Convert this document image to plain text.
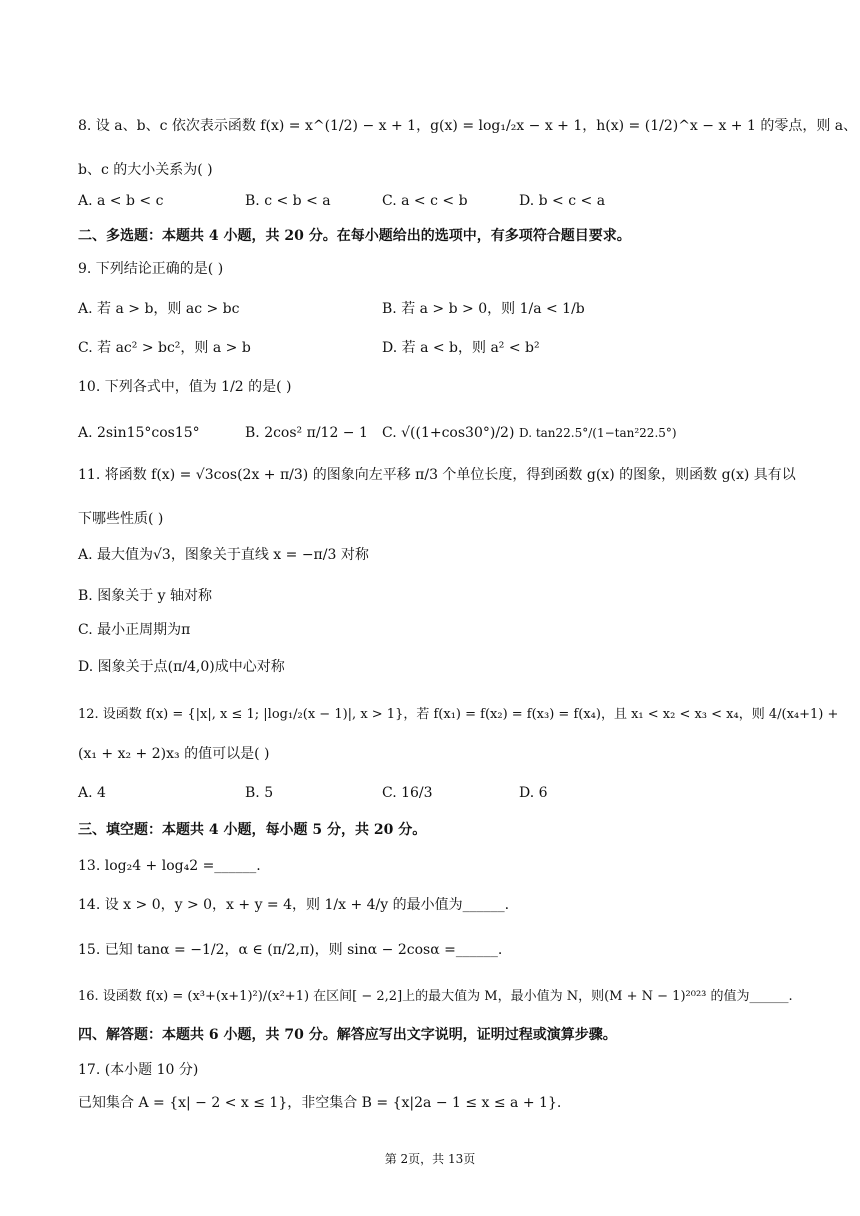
8. 设 a、b、c 依次表示函数 f(x) = x^(1/2) − x + 1，g(x) = log₁/₂x − x + 1，h(x) = (1/2)^x − x + 1 的零点，则 a、
b、c 的大小关系为( )
A. a < b < c	B. c < b < a	C. a < c < b	D. b < c < a
二、多选题：本题共 4 小题，共 20 分。在每小题给出的选项中，有多项符合题目要求。
9. 下列结论正确的是( )
A. 若 a > b，则 ac > bc	B. 若 a > b > 0，则 1/a < 1/b
C. 若 ac² > bc²，则 a > b	D. 若 a < b，则 a² < b²
10. 下列各式中，值为 1/2 的是( )
A. 2sin15°cos15°	B. 2cos² π/12 − 1 C. √((1+cos30°)/2) D. tan22.5°/(1−tan²22.5°)
11. 将函数 f(x) = √3cos(2x + π/3) 的图象向左平移 π/3 个单位长度，得到函数 g(x) 的图象，则函数 g(x) 具有以
下哪些性质( )
A. 最大值为√3，图象关于直线 x = −π/3 对称
B. 图象关于 y 轴对称
C. 最小正周期为π
D. 图象关于点(π/4,0)成中心对称
12. 设函数 f(x) = {|x|, x ≤ 1; |log₁/₂(x − 1)|, x > 1}，若 f(x₁) = f(x₂) = f(x₃) = f(x₄)，且 x₁ < x₂ < x₃ < x₄，则 4/(x₄+1) +
(x₁ + x₂ + 2)x₃ 的值可以是( )
A. 4	B. 5	C. 16/3	D. 6
三、填空题：本题共 4 小题，每小题 5 分，共 20 分。
13. log₂4 + log₄2 =______.
14. 设 x > 0，y > 0，x + y = 4，则 1/x + 4/y 的最小值为______.
15. 已知 tanα = −1/2，α ∈ (π/2,π)，则 sinα − 2cosα =______.
16. 设函数 f(x) = (x³+(x+1)²)/(x²+1) 在区间[ − 2,2]上的最大值为 M，最小值为 N，则(M + N − 1)²⁰²³ 的值为______.
四、解答题：本题共 6 小题，共 70 分。解答应写出文字说明，证明过程或演算步骤。
17. (本小题 10 分)
已知集合 A = {x| − 2 < x ≤ 1}，非空集合 B = {x|2a − 1 ≤ x ≤ a + 1}.
第 2页，共 13页
